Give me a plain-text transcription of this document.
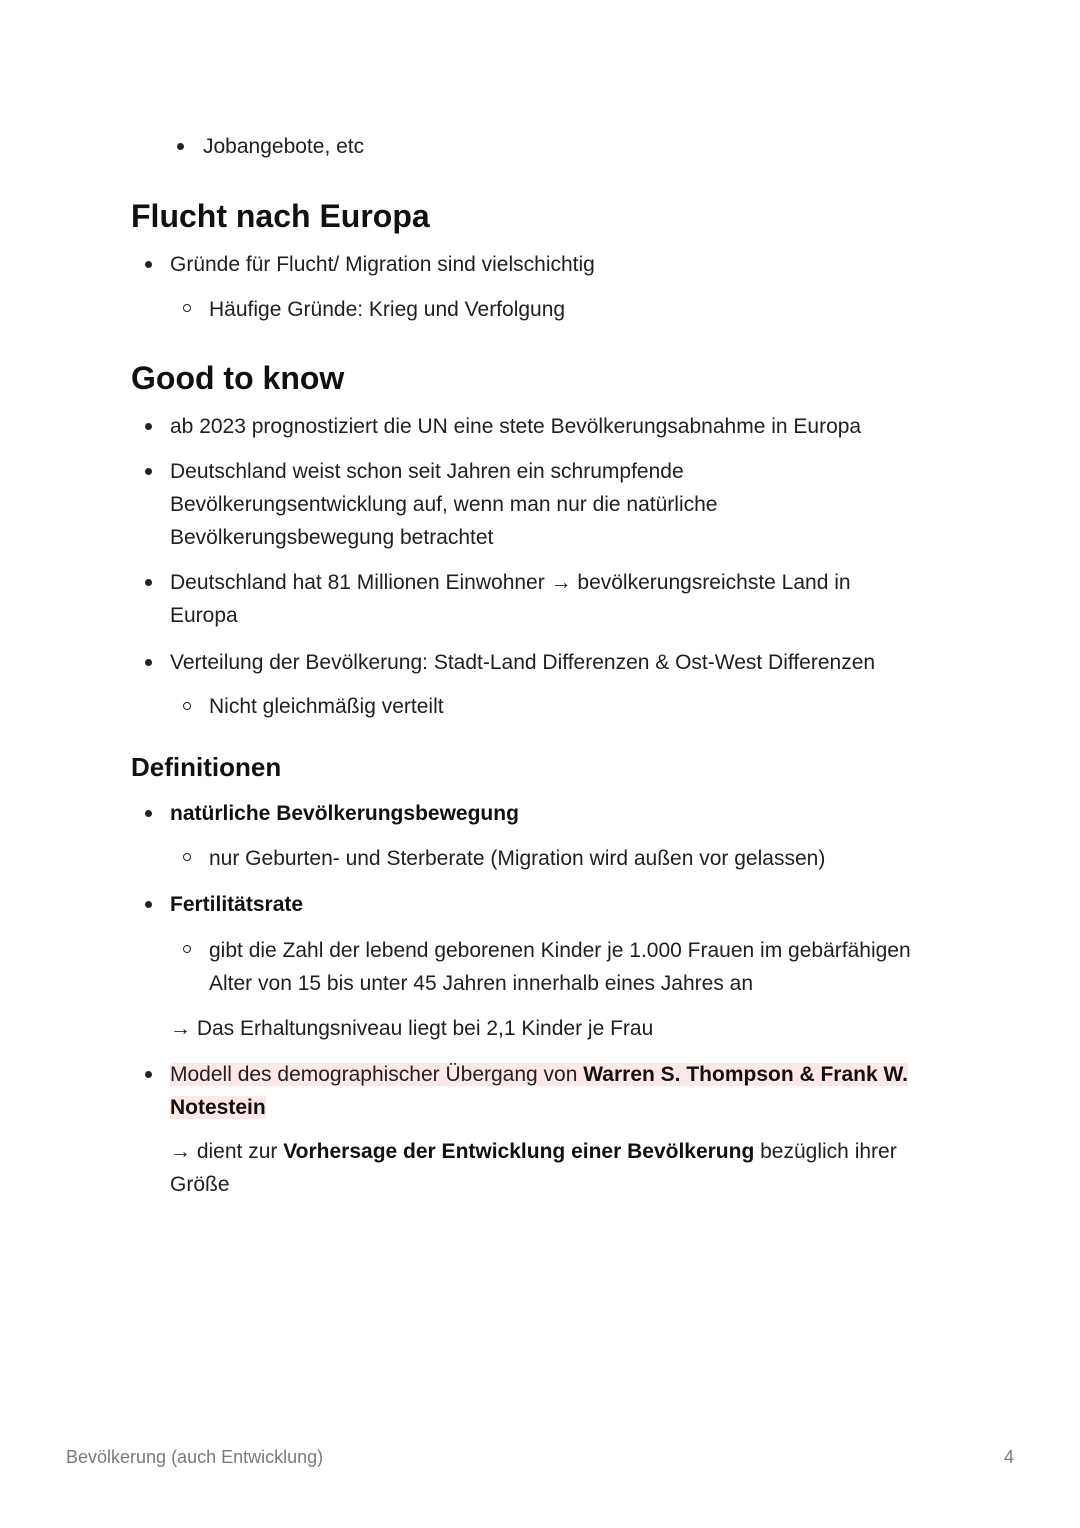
Jobangebote, etc
Flucht nach Europa
Gründe für Flucht/ Migration sind vielschichtig
Häufige Gründe: Krieg und Verfolgung
Good to know
ab 2023 prognostiziert die UN eine stete Bevölkerungsabnahme in Europa
Deutschland weist schon seit Jahren ein schrumpfende
Bevölkerungsentwicklung auf, wenn man nur die natürliche
Bevölkerungsbewegung betrachtet
Deutschland hat 81 Millionen Einwohner → bevölkerungsreichste Land in
Europa
Verteilung der Bevölkerung: Stadt-Land Differenzen & Ost-West Differenzen
Nicht gleichmäßig verteilt
Definitionen
natürliche Bevölkerungsbewegung
nur Geburten- und Sterberate (Migration wird außen vor gelassen)
Fertilitätsrate
gibt die Zahl der lebend geborenen Kinder je 1.000 Frauen im gebärfähigen
Alter von 15 bis unter 45 Jahren innerhalb eines Jahres an
→ Das Erhaltungsniveau liegt bei 2,1 Kinder je Frau
Modell des demographischer Übergang von Warren S. Thompson & Frank W.
Notestein
→ dient zur Vorhersage der Entwicklung einer Bevölkerung bezüglich ihrer
Größe
Bevölkerung (auch Entwicklung)	4
